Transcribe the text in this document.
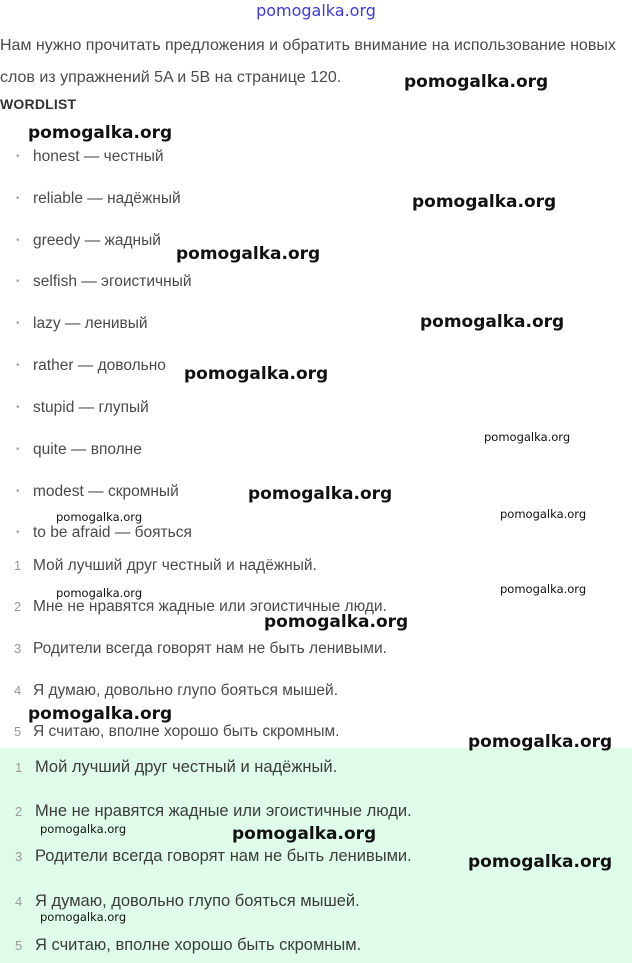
pomogalka.org

Нам нужно прочитать предложения и обратить внимание на использование новых слов из упражнений 5A и 5B на странице 120.

WORDLIST
• honest — честный
• reliable — надёжный
• greedy — жадный
• selfish — эгоистичный
• lazy — ленивый
• rather — довольно
• stupid — глупый
• quite — вполне
• modest — скромный
• to be afraid — бояться
1 Мой лучший друг честный и надёжный.
2 Мне не нравятся жадные или эгоистичные люди.
3 Родители всегда говорят нам не быть ленивыми.
4 Я думаю, довольно глупо бояться мышей.
5 Я считаю, вполне хорошо быть скромным.
1 Мой лучший друг честный и надёжный.
2 Мне не нравятся жадные или эгоистичные люди.
3 Родители всегда говорят нам не быть ленивыми.
4 Я думаю, довольно глупо бояться мышей.
5 Я считаю, вполне хорошо быть скромным.
pomogalka.org
pomogalka.org
pomogalka.org
pomogalka.org
pomogalka.org
pomogalka.org
pomogalka.org
pomogalka.org
pomogalka.org
pomogalka.org
pomogalka.org
pomogalka.org
pomogalka.org
pomogalka.org
pomogalka.org
pomogalka.org	pomogalka.org
pomogalka.org
pomogalka.org
